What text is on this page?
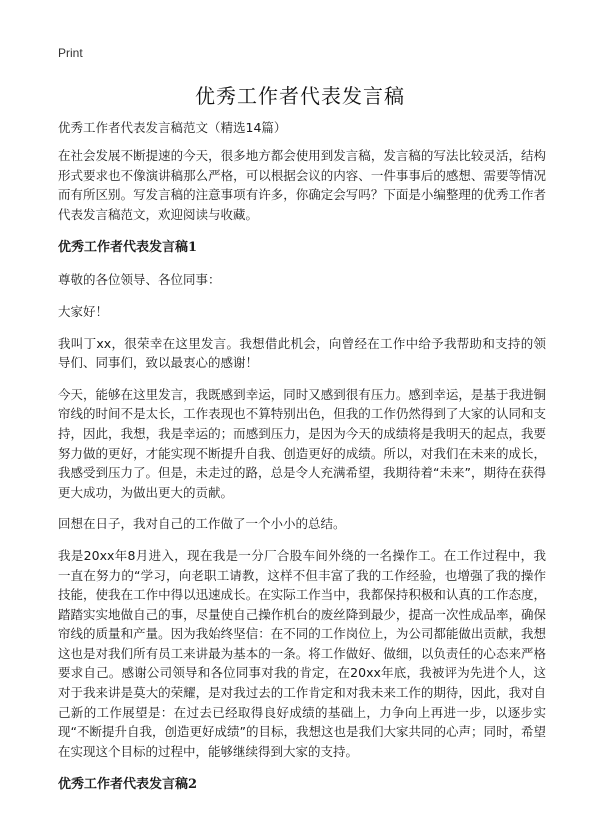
Print
优秀工作者代表发言稿
优秀工作者代表发言稿范文（精选14篇）

在社会发展不断提速的今天，很多地方都会使用到发言稿，发言稿的写法比较灵活，结构形式要求也不像演讲稿那么严格，可以根据会议的内容、一件事事后的感想、需要等情况而有所区别。写发言稿的注意事项有许多，你确定会写吗？下面是小编整理的优秀工作者代表发言稿范文，欢迎阅读与收藏。

优秀工作者代表发言稿1

尊敬的各位领导、各位同事：

大家好！

我叫丁xx，很荣幸在这里发言。我想借此机会，向曾经在工作中给予我帮助和支持的领导们、同事们，致以最衷心的感谢！

今天，能够在这里发言，我既感到幸运，同时又感到很有压力。感到幸运，是基于我进铜帘线的时间不是太长，工作表现也不算特别出色，但我的工作仍然得到了大家的认同和支持，因此，我想，我是幸运的；而感到压力，是因为今天的成绩将是我明天的起点，我要努力做的更好，才能实现不断提升自我、创造更好的成绩。所以，对我们在未来的成长，我感受到压力了。但是，未走过的路，总是令人充满希望，我期待着“未来”，期待在获得更大成功，为做出更大的贡献。

回想在日子，我对自己的工作做了一个小小的总结。

我是20xx年8月进入，现在我是一分厂合股车间外绕的一名操作工。在工作过程中，我一直在努力的“学习，向老职工请教，这样不但丰富了我的工作经验，也增强了我的操作技能，使我在工作中得以迅速成长。在实际工作当中，我都保持积极和认真的工作态度，踏踏实实地做自己的事，尽量使自己操作机台的废丝降到最少，提高一次性成品率，确保帘线的质量和产量。因为我始终坚信：在不同的工作岗位上，为公司都能做出贡献，我想这也是对我们所有员工来讲最为基本的一条。将工作做好、做细，以负责任的心态来严格要求自己。感谢公司领导和各位同事对我的肯定，在20xx年底，我被评为先进个人，这对于我来讲是莫大的荣耀，是对我过去的工作肯定和对我未来工作的期待，因此，我对自己新的工作展望是：在过去已经取得良好成绩的基础上，力争向上再进一步，以逐步实现“不断提升自我，创造更好成绩”的目标，我想这也是我们大家共同的心声；同时，希望在实现这个目标的过程中，能够继续得到大家的支持。

优秀工作者代表发言稿2
